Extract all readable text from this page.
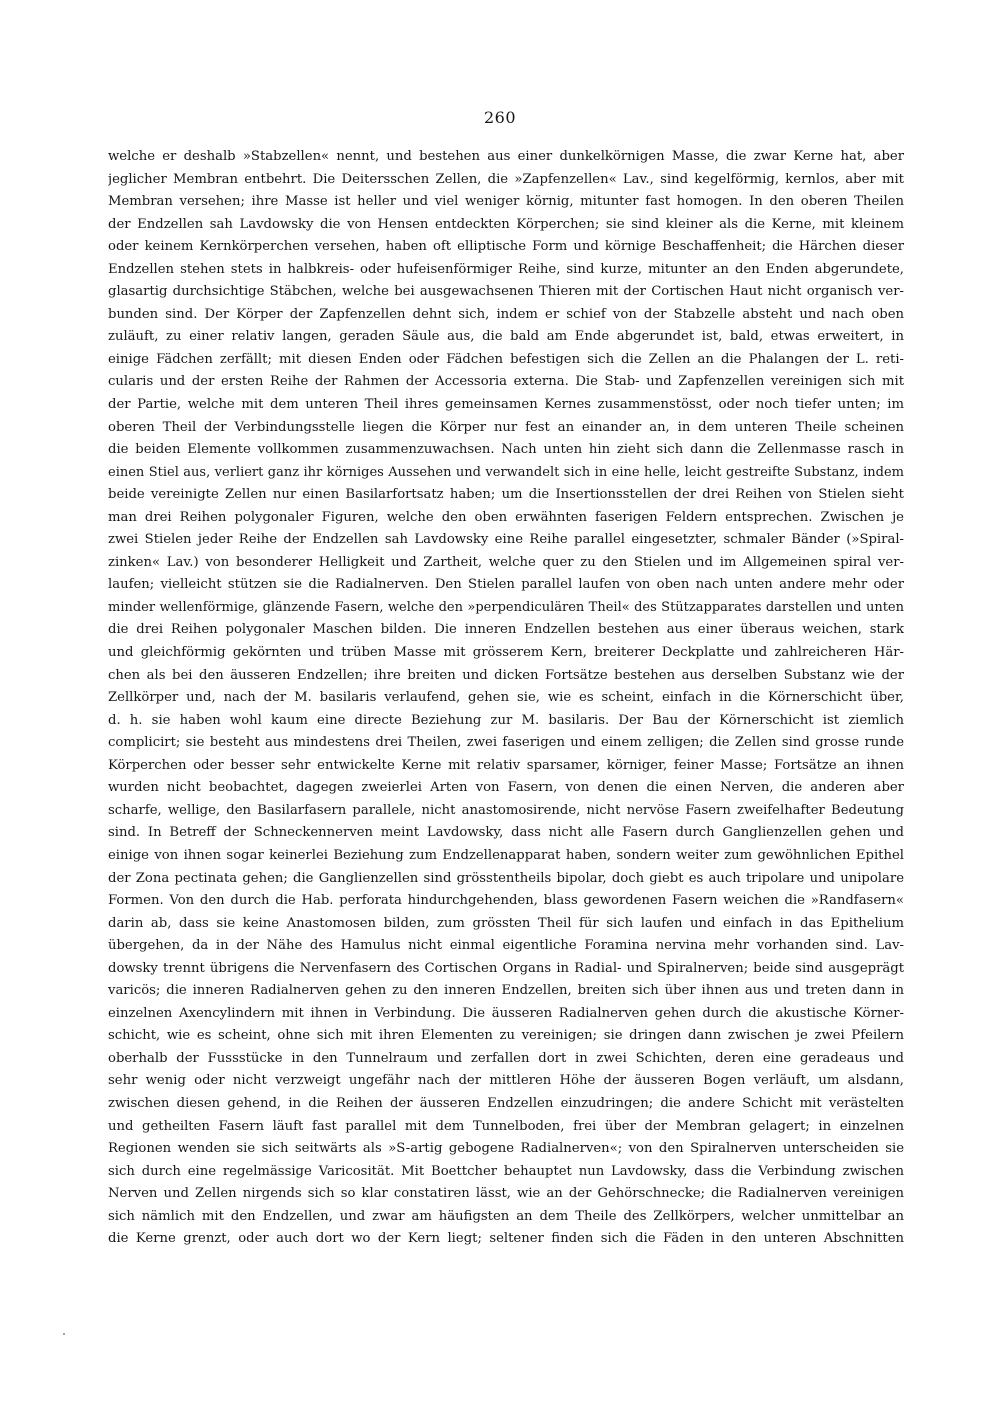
260
welche er deshalb »Stabzellen« nennt, und bestehen aus einer dunkelkörnigen Masse, die zwar Kerne hat, aber
jeglicher Membran entbehrt. Die Deitersschen Zellen, die »Zapfenzellen« Lav., sind kegelförmig, kernlos, aber mit
Membran versehen; ihre Masse ist heller und viel weniger körnig, mitunter fast homogen. In den oberen Theilen
der Endzellen sah Lavdowsky die von Hensen entdeckten Körperchen; sie sind kleiner als die Kerne, mit kleinem
oder keinem Kernkörperchen versehen, haben oft elliptische Form und körnige Beschaffenheit; die Härchen dieser
Endzellen stehen stets in halbkreis- oder hufeisenförmiger Reihe, sind kurze, mitunter an den Enden abgerundete,
glasartig durchsichtige Stäbchen, welche bei ausgewachsenen Thieren mit der Cortischen Haut nicht organisch ver-
bunden sind. Der Körper der Zapfenzellen dehnt sich, indem er schief von der Stabzelle absteht und nach oben
zuläuft, zu einer relativ langen, geraden Säule aus, die bald am Ende abgerundet ist, bald, etwas erweitert, in
einige Fädchen zerfällt; mit diesen Enden oder Fädchen befestigen sich die Zellen an die Phalangen der L. reti-
cularis und der ersten Reihe der Rahmen der Accessoria externa. Die Stab- und Zapfenzellen vereinigen sich mit
der Partie, welche mit dem unteren Theil ihres gemeinsamen Kernes zusammenstösst, oder noch tiefer unten; im
oberen Theil der Verbindungsstelle liegen die Körper nur fest an einander an, in dem unteren Theile scheinen
die beiden Elemente vollkommen zusammenzuwachsen. Nach unten hin zieht sich dann die Zellenmasse rasch in
einen Stiel aus, verliert ganz ihr körniges Aussehen und verwandelt sich in eine helle, leicht gestreifte Substanz, indem
beide vereinigte Zellen nur einen Basilarfortsatz haben; um die Insertionsstellen der drei Reihen von Stielen sieht
man drei Reihen polygonaler Figuren, welche den oben erwähnten faserigen Feldern entsprechen. Zwischen je
zwei Stielen jeder Reihe der Endzellen sah Lavdowsky eine Reihe parallel eingesetzter, schmaler Bänder (»Spiral-
zinken« Lav.) von besonderer Helligkeit und Zartheit, welche quer zu den Stielen und im Allgemeinen spiral ver-
laufen; vielleicht stützen sie die Radialnerven. Den Stielen parallel laufen von oben nach unten andere mehr oder
minder wellenförmige, glänzende Fasern, welche den »perpendiculären Theil« des Stützapparates darstellen und unten
die drei Reihen polygonaler Maschen bilden. Die inneren Endzellen bestehen aus einer überaus weichen, stark
und gleichförmig gekörnten und trüben Masse mit grösserem Kern, breiterer Deckplatte und zahlreicheren Här-
chen als bei den äusseren Endzellen; ihre breiten und dicken Fortsätze bestehen aus derselben Substanz wie der
Zellkörper und, nach der M. basilaris verlaufend, gehen sie, wie es scheint, einfach in die Körnerschicht über,
d. h. sie haben wohl kaum eine directe Beziehung zur M. basilaris. Der Bau der Körnerschicht ist ziemlich
complicirt; sie besteht aus mindestens drei Theilen, zwei faserigen und einem zelligen; die Zellen sind grosse runde
Körperchen oder besser sehr entwickelte Kerne mit relativ sparsamer, körniger, feiner Masse; Fortsätze an ihnen
wurden nicht beobachtet, dagegen zweierlei Arten von Fasern, von denen die einen Nerven, die anderen aber
scharfe, wellige, den Basilarfasern parallele, nicht anastomosirende, nicht nervöse Fasern zweifelhafter Bedeutung
sind. In Betreff der Schneckennerven meint Lavdowsky, dass nicht alle Fasern durch Ganglienzellen gehen und
einige von ihnen sogar keinerlei Beziehung zum Endzellenapparat haben, sondern weiter zum gewöhnlichen Epithel
der Zona pectinata gehen; die Ganglienzellen sind grösstentheils bipolar, doch giebt es auch tripolare und unipolare
Formen. Von den durch die Hab. perforata hindurchgehenden, blass gewordenen Fasern weichen die »Randfasern«
darin ab, dass sie keine Anastomosen bilden, zum grössten Theil für sich laufen und einfach in das Epithelium
übergehen, da in der Nähe des Hamulus nicht einmal eigentliche Foramina nervina mehr vorhanden sind. Lav-
dowsky trennt übrigens die Nervenfasern des Cortischen Organs in Radial- und Spiralnerven; beide sind ausgeprägt
varicös; die inneren Radialnerven gehen zu den inneren Endzellen, breiten sich über ihnen aus und treten dann in
einzelnen Axencylindern mit ihnen in Verbindung. Die äusseren Radialnerven gehen durch die akustische Körner-
schicht, wie es scheint, ohne sich mit ihren Elementen zu vereinigen; sie dringen dann zwischen je zwei Pfeilern
oberhalb der Fussstücke in den Tunnelraum und zerfallen dort in zwei Schichten, deren eine geradeaus und
sehr wenig oder nicht verzweigt ungefähr nach der mittleren Höhe der äusseren Bogen verläuft, um alsdann,
zwischen diesen gehend, in die Reihen der äusseren Endzellen einzudringen; die andere Schicht mit verästelten
und getheilten Fasern läuft fast parallel mit dem Tunnelboden, frei über der Membran gelagert; in einzelnen
Regionen wenden sie sich seitwärts als »S-artig gebogene Radialnerven«; von den Spiralnerven unterscheiden sie
sich durch eine regelmässige Varicosität. Mit Boettcher behauptet nun Lavdowsky, dass die Verbindung zwischen
Nerven und Zellen nirgends sich so klar constatiren lässt, wie an der Gehörschnecke; die Radialnerven vereinigen
sich nämlich mit den Endzellen, und zwar am häufigsten an dem Theile des Zellkörpers, welcher unmittelbar an
die Kerne grenzt, oder auch dort wo der Kern liegt; seltener finden sich die Fäden in den unteren Abschnitten
